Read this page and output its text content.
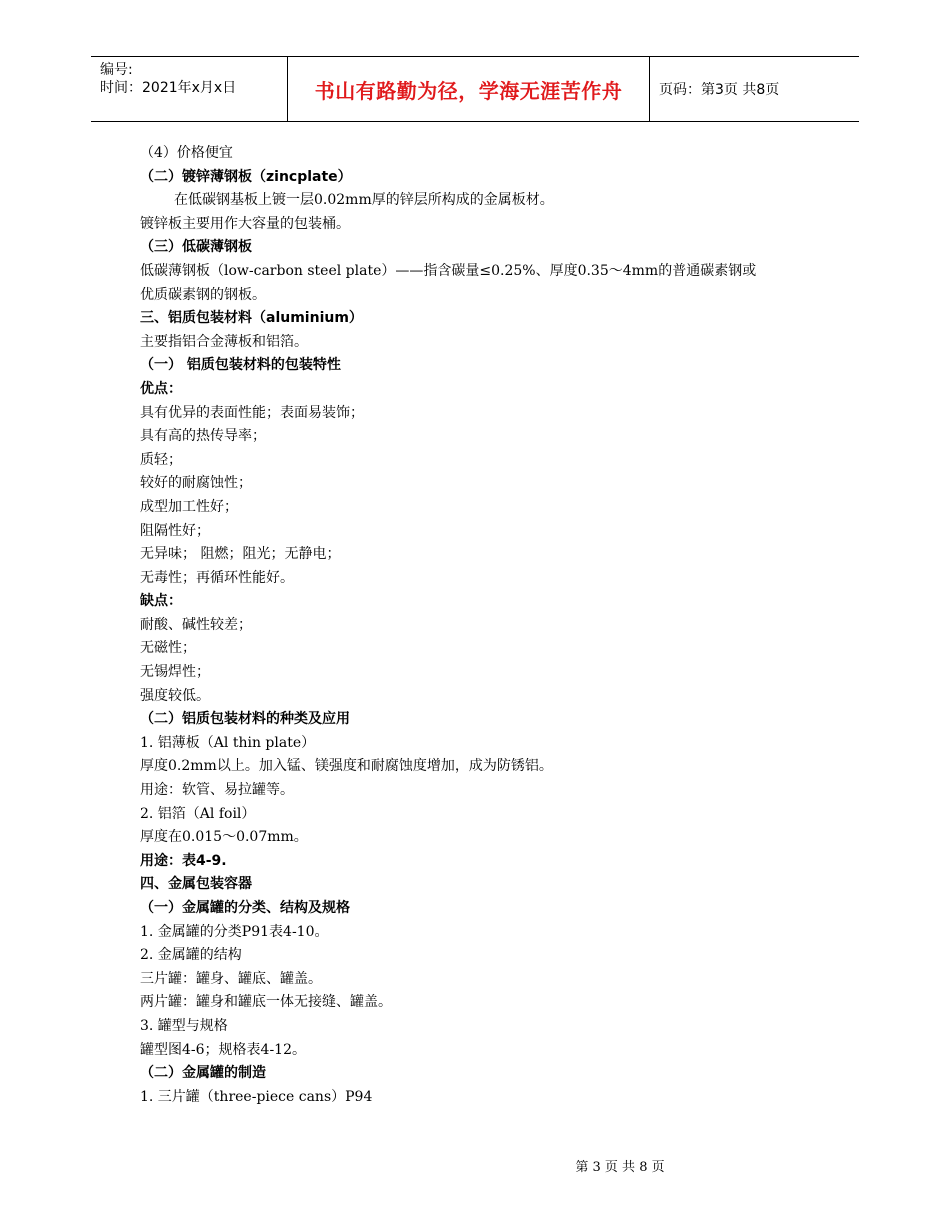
编号:
时间：2021年x月x日	书山有路勤为径，学海无涯苦作舟	页码：第3页 共8页
（4）价格便宜
（二）镀锌薄钢板（zincplate）
在低碳钢基板上镀一层0.02mm厚的锌层所构成的金属板材。
镀锌板主要用作大容量的包装桶。
（三）低碳薄钢板
低碳薄钢板（low-carbon steel plate）——指含碳量≤0.25%、厚度0.35～4mm的普通碳素钢或
优质碳素钢的钢板。
三、铝质包装材料（aluminium）
主要指铝合金薄板和铝箔。
（一） 铝质包装材料的包装特性
优点：
具有优异的表面性能；表面易装饰；
具有高的热传导率；
质轻；
较好的耐腐蚀性；
成型加工性好；
阻隔性好；
无异味； 阻燃；阻光；无静电；
无毒性；再循环性能好。
缺点：
耐酸、碱性较差；
无磁性；
无锡焊性；
强度较低。
（二）铝质包装材料的种类及应用
1. 铝薄板（Al thin plate）
厚度0.2mm以上。加入锰、镁强度和耐腐蚀度增加，成为防锈铝。
用途：软管、易拉罐等。
2. 铝箔（Al foil）
厚度在0.015～0.07mm。
用途：表4-9.
四、金属包装容器
（一）金属罐的分类、结构及规格
1. 金属罐的分类P91表4-10。
2. 金属罐的结构
三片罐：罐身、罐底、罐盖。
两片罐：罐身和罐底一体无接缝、罐盖。
3. 罐型与规格
罐型图4-6；规格表4-12。
（二）金属罐的制造
1. 三片罐（three-piece cans）P94
第 3 页 共 8 页
